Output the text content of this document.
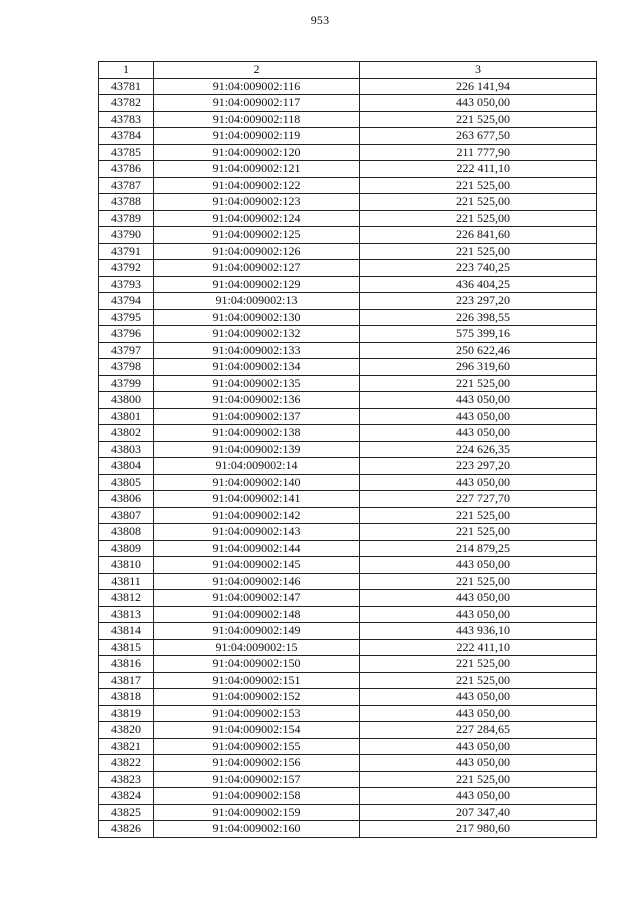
953
1	2	3
43781	91:04:009002:116	226 141,94
43782	91:04:009002:117	443 050,00
43783	91:04:009002:118	221 525,00
43784	91:04:009002:119	263 677,50
43785	91:04:009002:120	211 777,90
43786	91:04:009002:121	222 411,10
43787	91:04:009002:122	221 525,00
43788	91:04:009002:123	221 525,00
43789	91:04:009002:124	221 525,00
43790	91:04:009002:125	226 841,60
43791	91:04:009002:126	221 525,00
43792	91:04:009002:127	223 740,25
43793	91:04:009002:129	436 404,25
43794	91:04:009002:13	223 297,20
43795	91:04:009002:130	226 398,55
43796	91:04:009002:132	575 399,16
43797	91:04:009002:133	250 622,46
43798	91:04:009002:134	296 319,60
43799	91:04:009002:135	221 525,00
43800	91:04:009002:136	443 050,00
43801	91:04:009002:137	443 050,00
43802	91:04:009002:138	443 050,00
43803	91:04:009002:139	224 626,35
43804	91:04:009002:14	223 297,20
43805	91:04:009002:140	443 050,00
43806	91:04:009002:141	227 727,70
43807	91:04:009002:142	221 525,00
43808	91:04:009002:143	221 525,00
43809	91:04:009002:144	214 879,25
43810	91:04:009002:145	443 050,00
43811	91:04:009002:146	221 525,00
43812	91:04:009002:147	443 050,00
43813	91:04:009002:148	443 050,00
43814	91:04:009002:149	443 936,10
43815	91:04:009002:15	222 411,10
43816	91:04:009002:150	221 525,00
43817	91:04:009002:151	221 525,00
43818	91:04:009002:152	443 050,00
43819	91:04:009002:153	443 050,00
43820	91:04:009002:154	227 284,65
43821	91:04:009002:155	443 050,00
43822	91:04:009002:156	443 050,00
43823	91:04:009002:157	221 525,00
43824	91:04:009002:158	443 050,00
43825	91:04:009002:159	207 347,40
43826	91:04:009002:160	217 980,60
